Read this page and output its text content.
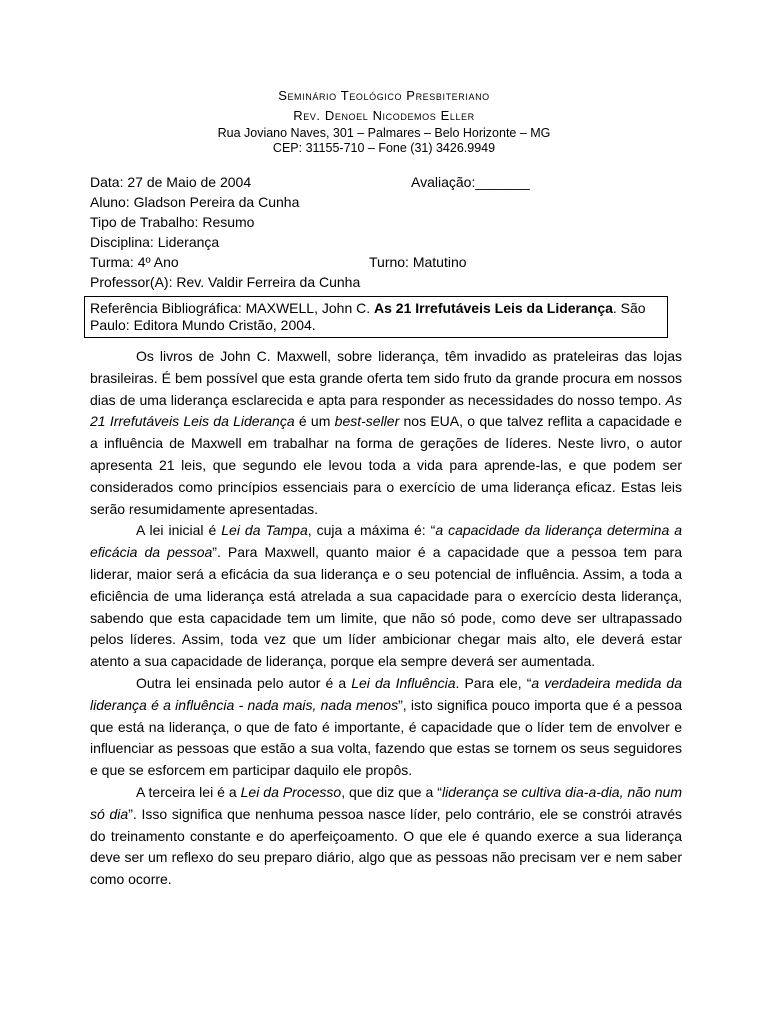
Seminário Teológico Presbiteriano
Rev. Denoel Nicodemos Eller
Rua Joviano Naves, 301 – Palmares – Belo Horizonte – MG
CEP: 31155-710 – Fone (31) 3426.9949
Data: 27 de Maio de 2004	Avaliação:_______
Aluno: Gladson Pereira da Cunha
Tipo de Trabalho: Resumo
Disciplina: Liderança
Turma: 4º Ano	Turno: Matutino
Professor(A): Rev. Valdir Ferreira da Cunha
Referência Bibliográfica: MAXWELL, John C. As 21 Irrefutáveis Leis da Liderança. São Paulo: Editora Mundo Cristão, 2004.

Os livros de John C. Maxwell, sobre liderança, têm invadido as prateleiras das lojas brasileiras. É bem possível que esta grande oferta tem sido fruto da grande procura em nossos dias de uma liderança esclarecida e apta para responder as necessidades do nosso tempo. As 21 Irrefutáveis Leis da Liderança é um best-seller nos EUA, o que talvez reflita a capacidade e a influência de Maxwell em trabalhar na forma de gerações de líderes. Neste livro, o autor apresenta 21 leis, que segundo ele levou toda a vida para aprende-las, e que podem ser considerados como princípios essenciais para o exercício de uma liderança eficaz. Estas leis serão resumidamente apresentadas.

A lei inicial é Lei da Tampa, cuja a máxima é: “a capacidade da liderança determina a eficácia da pessoa”. Para Maxwell, quanto maior é a capacidade que a pessoa tem para liderar, maior será a eficácia da sua liderança e o seu potencial de influência. Assim, a toda a eficiência de uma liderança está atrelada a sua capacidade para o exercício desta liderança, sabendo que esta capacidade tem um limite, que não só pode, como deve ser ultrapassado pelos líderes. Assim, toda vez que um líder ambicionar chegar mais alto, ele deverá estar atento a sua capacidade de liderança, porque ela sempre deverá ser aumentada.

Outra lei ensinada pelo autor é a Lei da Influência. Para ele, “a verdadeira medida da liderança é a influência - nada mais, nada menos”, isto significa pouco importa que é a pessoa que está na liderança, o que de fato é importante, é capacidade que o líder tem de envolver e influenciar as pessoas que estão a sua volta, fazendo que estas se tornem os seus seguidores e que se esforcem em participar daquilo ele propôs.

A terceira lei é a Lei da Processo, que diz que a “liderança se cultiva dia-a-dia, não num só dia”. Isso significa que nenhuma pessoa nasce líder, pelo contrário, ele se constrói através do treinamento constante e do aperfeiçoamento. O que ele é quando exerce a sua liderança deve ser um reflexo do seu preparo diário, algo que as pessoas não precisam ver e nem saber como ocorre.
